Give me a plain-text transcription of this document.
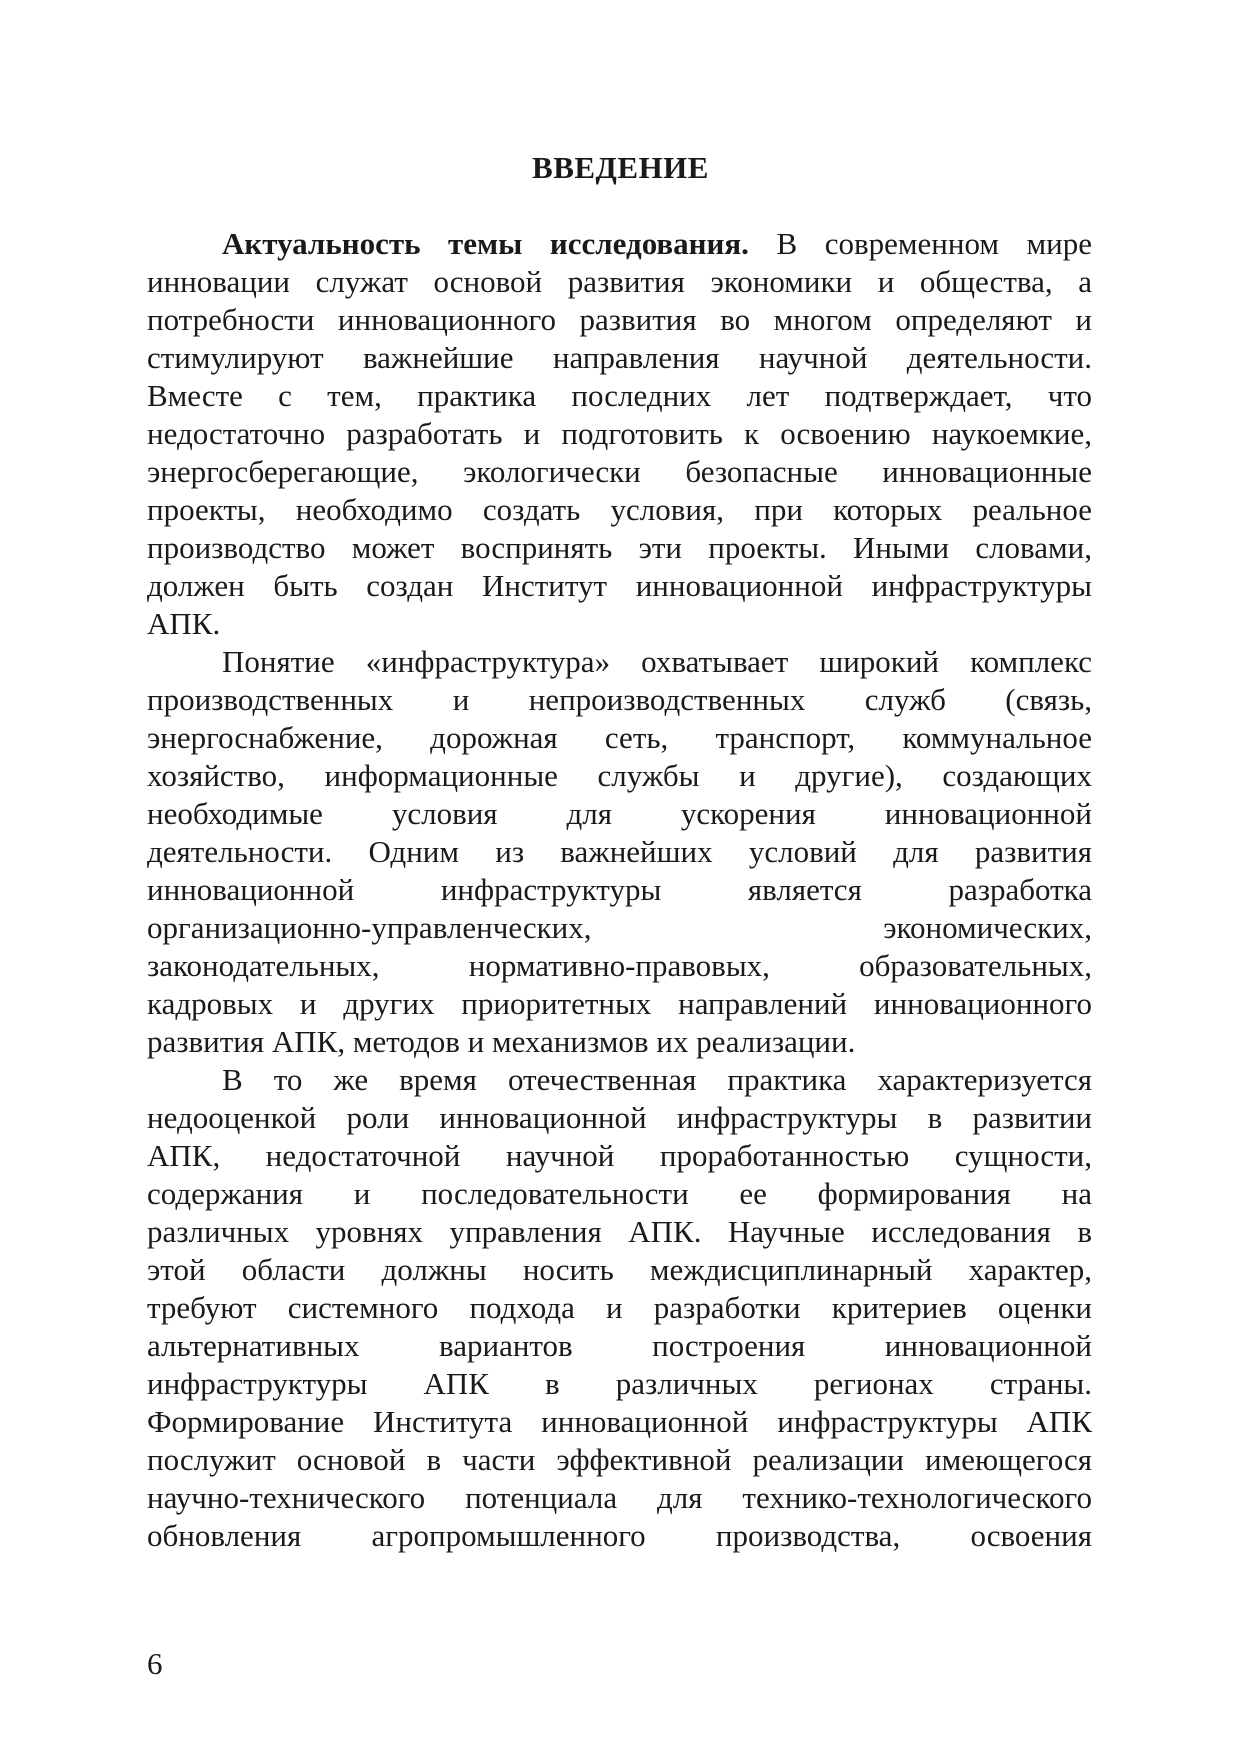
ВВЕДЕНИЕ
Актуальность темы исследования. В современном мире
инновации служат основой развития экономики и общества, а
потребности инновационного развития во многом определяют и
стимулируют важнейшие направления научной деятельности.
Вместе с тем, практика последних лет подтверждает, что
недостаточно разработать и подготовить к освоению наукоемкие,
энергосберегающие, экологически безопасные инновационные
проекты, необходимо создать условия, при которых реальное
производство может воспринять эти проекты. Иными словами,
должен быть создан Институт инновационной инфраструктуры
АПК.
Понятие «инфраструктура» охватывает широкий комплекс
производственных и непроизводственных служб (связь,
энергоснабжение, дорожная сеть, транспорт, коммунальное
хозяйство, информационные службы и другие), создающих
необходимые условия для ускорения инновационной
деятельности. Одним из важнейших условий для развития
инновационной инфраструктуры является разработка
организационно-управленческих, экономических,
законодательных, нормативно-правовых, образовательных,
кадровых и других приоритетных направлений инновационного
развития АПК, методов и механизмов их реализации.
В то же время отечественная практика характеризуется
недооценкой роли инновационной инфраструктуры в развитии
АПК, недостаточной научной проработанностью сущности,
содержания и последовательности ее формирования на
различных уровнях управления АПК. Научные исследования в
этой области должны носить междисциплинарный характер,
требуют системного подхода и разработки критериев оценки
альтернативных вариантов построения инновационной
инфраструктуры АПК в различных регионах страны.
Формирование Института инновационной инфраструктуры АПК
послужит основой в части эффективной реализации имеющегося
научно-технического потенциала для технико-технологического
обновления агропромышленного производства, освоения
6
